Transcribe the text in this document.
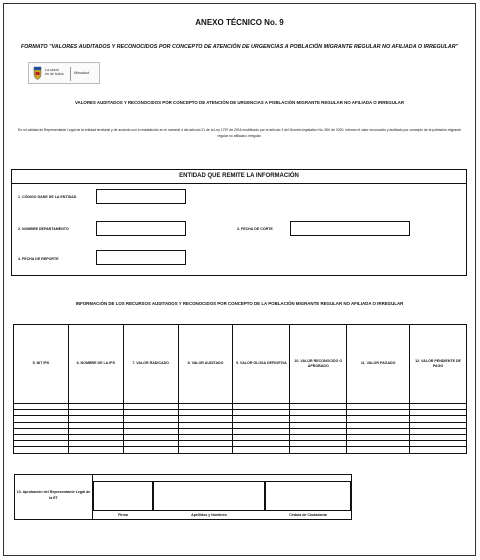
ANEXO TÉCNICO No. 9
FORMATO "VALORES AUDITADOS Y RECONOCIDOS POR CONCEPTO DE ATENCIÓN DE URGENCIAS A POBLACIÓN MIGRANTE REGULAR NO AFILIADA O IRREGULAR"
La salud
es de todos	Minsalud
VALORES AUDITADOS Y RECONOCIDOS POR CONCEPTO DE ATENCIÓN DE URGENCIAS A POBLACIÓN MIGRANTE REGULAR NO AFILIADA O IRREGULAR
En mi calidad de Representante Legal de la entidad territorial y de acuerdo con lo establecido en el numeral 4 del artículo 21 de la Ley 1797 de 2016 modificado por el artículo 2 del Decreto legislativo No. 800 de 2020, informo el valor reconocido y auditado por concepto de la población migrante regular no afiliada o irregular.
ENTIDAD QUE REMITE LA INFORMACIÓN
1. CÓDIGO DANE DE LA ENTIDAD
2. NOMBRE DEPARTAMENTO	3. FECHA DE CORTE
4. FECHA DE REPORTE
INFORMACIÓN DE LOS RECURSOS AUDITADOS Y RECONOCIDOS POR CONCEPTO DE LA POBLACIÓN MIGRANTE REGULAR NO AFILIADA O IRREGULAR
5. NIT IPS	6. NOMBRE DE LA IPS	7. VALOR RADICADO	8. VALOR AUDITADO	9. VALOR GLOSA DEFINITIVA	10. VALOR RECONOCIDO O APROBADO	11. VALOR PAGADO	12. VALOR PENDIENTE DE PAGO

13. Aprobación del Representante Legal de la ET
Firma	Apellidos y Nombres	Cédula de Ciudadanía
